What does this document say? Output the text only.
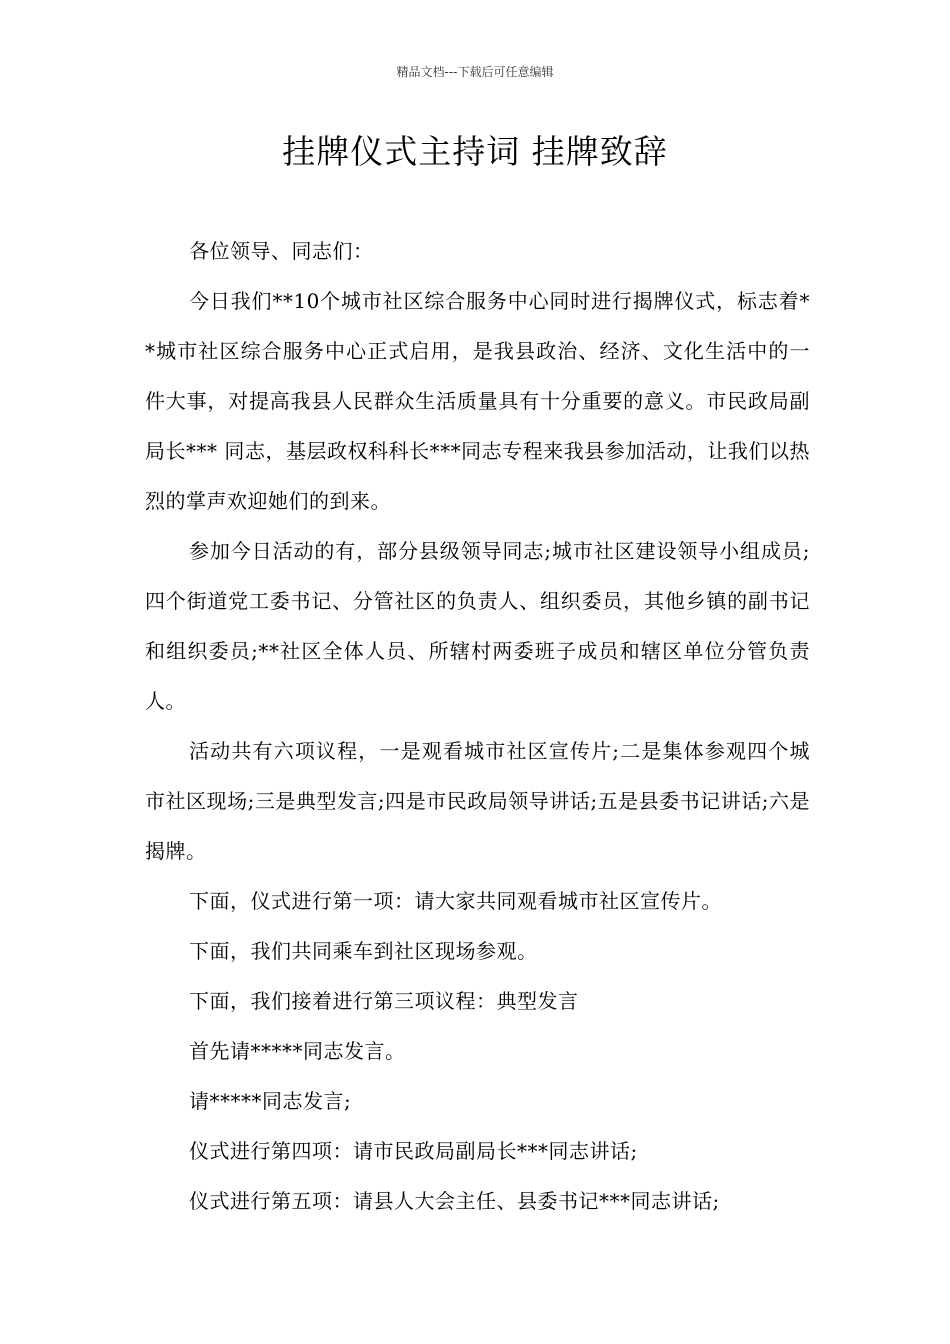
精品文档---下载后可任意编辑
挂牌仪式主持词 挂牌致辞

各位领导、同志们：

今日我们**10个城市社区综合服务中心同时进行揭牌仪式，标志着**城市社区综合服务中心正式启用，是我县政治、经济、文化生活中的一件大事，对提高我县人民群众生活质量具有十分重要的意义。市民政局副局长*** 同志，基层政权科科长***同志专程来我县参加活动，让我们以热烈的掌声欢迎她们的到来。

参加今日活动的有，部分县级领导同志;城市社区建设领导小组成员;四个街道党工委书记、分管社区的负责人、组织委员，其他乡镇的副书记和组织委员;**社区全体人员、所辖村两委班子成员和辖区单位分管负责人。

活动共有六项议程，一是观看城市社区宣传片;二是集体参观四个城市社区现场;三是典型发言;四是市民政局领导讲话;五是县委书记讲话;六是揭牌。

下面，仪式进行第一项：请大家共同观看城市社区宣传片。

下面，我们共同乘车到社区现场参观。

下面，我们接着进行第三项议程：典型发言

首先请*****同志发言。

请*****同志发言;

仪式进行第四项：请市民政局副局长***同志讲话;

仪式进行第五项：请县人大会主任、县委书记***同志讲话;
